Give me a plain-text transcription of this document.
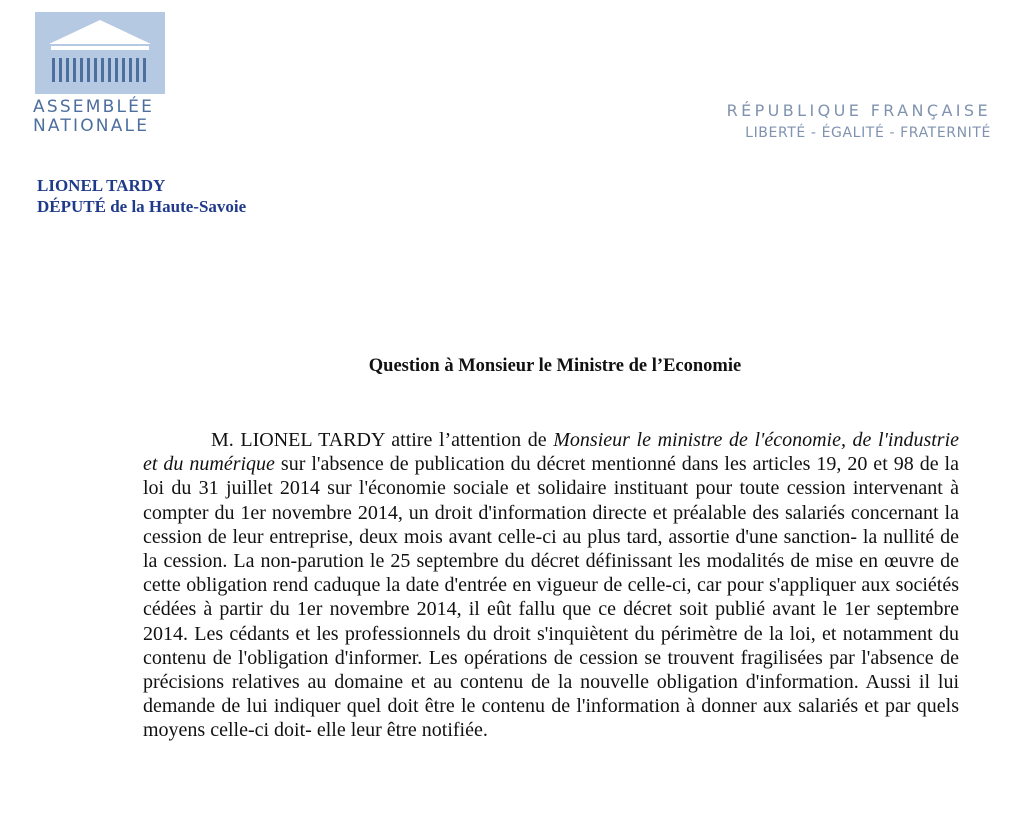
ASSEMBLÉE
NATIONALE
RÉPUBLIQUE FRANÇAISE
LIBERTÉ - ÉGALITÉ - FRATERNITÉ
LIONEL TARDY
DÉPUTÉ de la Haute-Savoie
Question à Monsieur le Ministre de l’Economie
M. LIONEL TARDY attire l’attention de Monsieur le ministre de l'économie, de l'industrie et du numérique sur l'absence de publication du décret mentionné dans les articles 19, 20 et 98 de la loi du 31 juillet 2014 sur l'économie sociale et solidaire instituant pour toute cession intervenant à compter du 1er novembre 2014, un droit d'information directe et préalable des salariés concernant la cession de leur entreprise, deux mois avant celle-ci au plus tard, assortie d'une sanction- la nullité de la cession. La non-parution le 25 septembre du décret définissant les modalités de mise en œuvre de cette obligation rend caduque la date d'entrée en vigueur de celle-ci, car pour s'appliquer aux sociétés cédées à partir du 1er novembre 2014, il eût fallu que ce décret soit publié avant le 1er septembre 2014. Les cédants et les professionnels du droit s'inquiètent du périmètre de la loi, et notamment du contenu de l'obligation d'informer. Les opérations de cession se trouvent fragilisées par l'absence de précisions relatives au domaine et au contenu de la nouvelle obligation d'information. Aussi il lui demande de lui indiquer quel doit être le contenu de l'information à donner aux salariés et par quels moyens celle-ci doit- elle leur être notifiée.
